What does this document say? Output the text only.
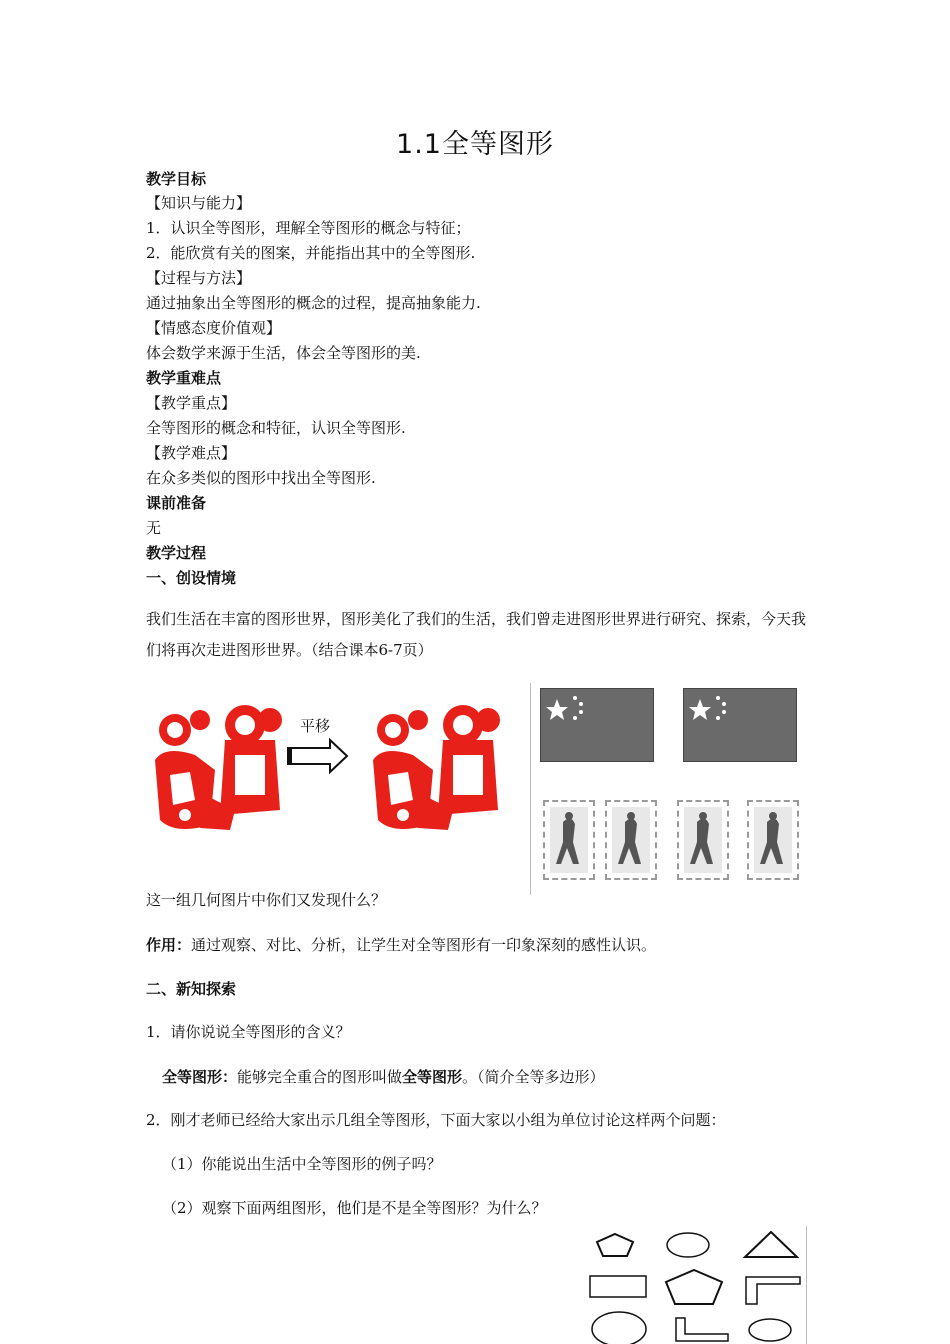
1.1全等图形
教学目标
【知识与能力】
1．认识全等图形，理解全等图形的概念与特征；
2．能欣赏有关的图案，并能指出其中的全等图形.
【过程与方法】
通过抽象出全等图形的概念的过程，提高抽象能力.
【情感态度价值观】
体会数学来源于生活，体会全等图形的美.
教学重难点
【教学重点】
全等图形的概念和特征，认识全等图形.
【教学难点】
在众多类似的图形中找出全等图形.
课前准备
无
教学过程
一、创设情境
我们生活在丰富的图形世界，图形美化了我们的生活，我们曾走进图形世界进行研究、探索，今天我们将再次走进图形世界。（结合课本6-7页）
平移
这一组几何图片中你们又发现什么？
作用：通过观察、对比、分析，让学生对全等图形有一印象深刻的感性认识。
二、新知探索
1．请你说说全等图形的含义？
全等图形：能够完全重合的图形叫做全等图形。（简介全等多边形）
2．刚才老师已经给大家出示几组全等图形，下面大家以小组为单位讨论这样两个问题：
（1）你能说出生活中全等图形的例子吗？
（2）观察下面两组图形，他们是不是全等图形？为什么？
